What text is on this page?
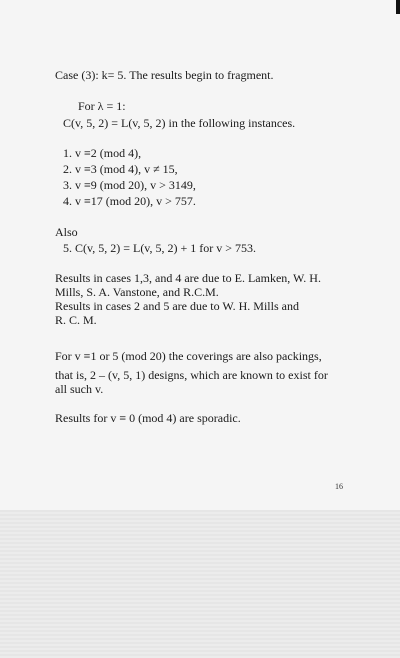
Case (3): k= 5. The results begin to fragment.
For λ = 1:
C(v, 5, 2) = L(v, 5, 2) in the following instances.
1. v ≡2 (mod 4),
2. v ≡3 (mod 4), v ≠ 15,
3. v ≡9 (mod 20), v > 3149,
4. v ≡17 (mod 20), v > 757.
Also
5. C(v, 5, 2) = L(v, 5, 2) + 1 for v > 753.
Results in cases 1,3, and 4 are due to E. Lamken, W. H.
Mills, S. A. Vanstone, and R.C.M.
Results in cases 2 and 5 are due to W. H. Mills and
R. C. M.
For v ≡1 or 5 (mod 20) the coverings are also packings,
that is, 2 – (v, 5, 1) designs, which are known to exist for
all such v.
Results for v ≡ 0 (mod 4) are sporadic.
16
